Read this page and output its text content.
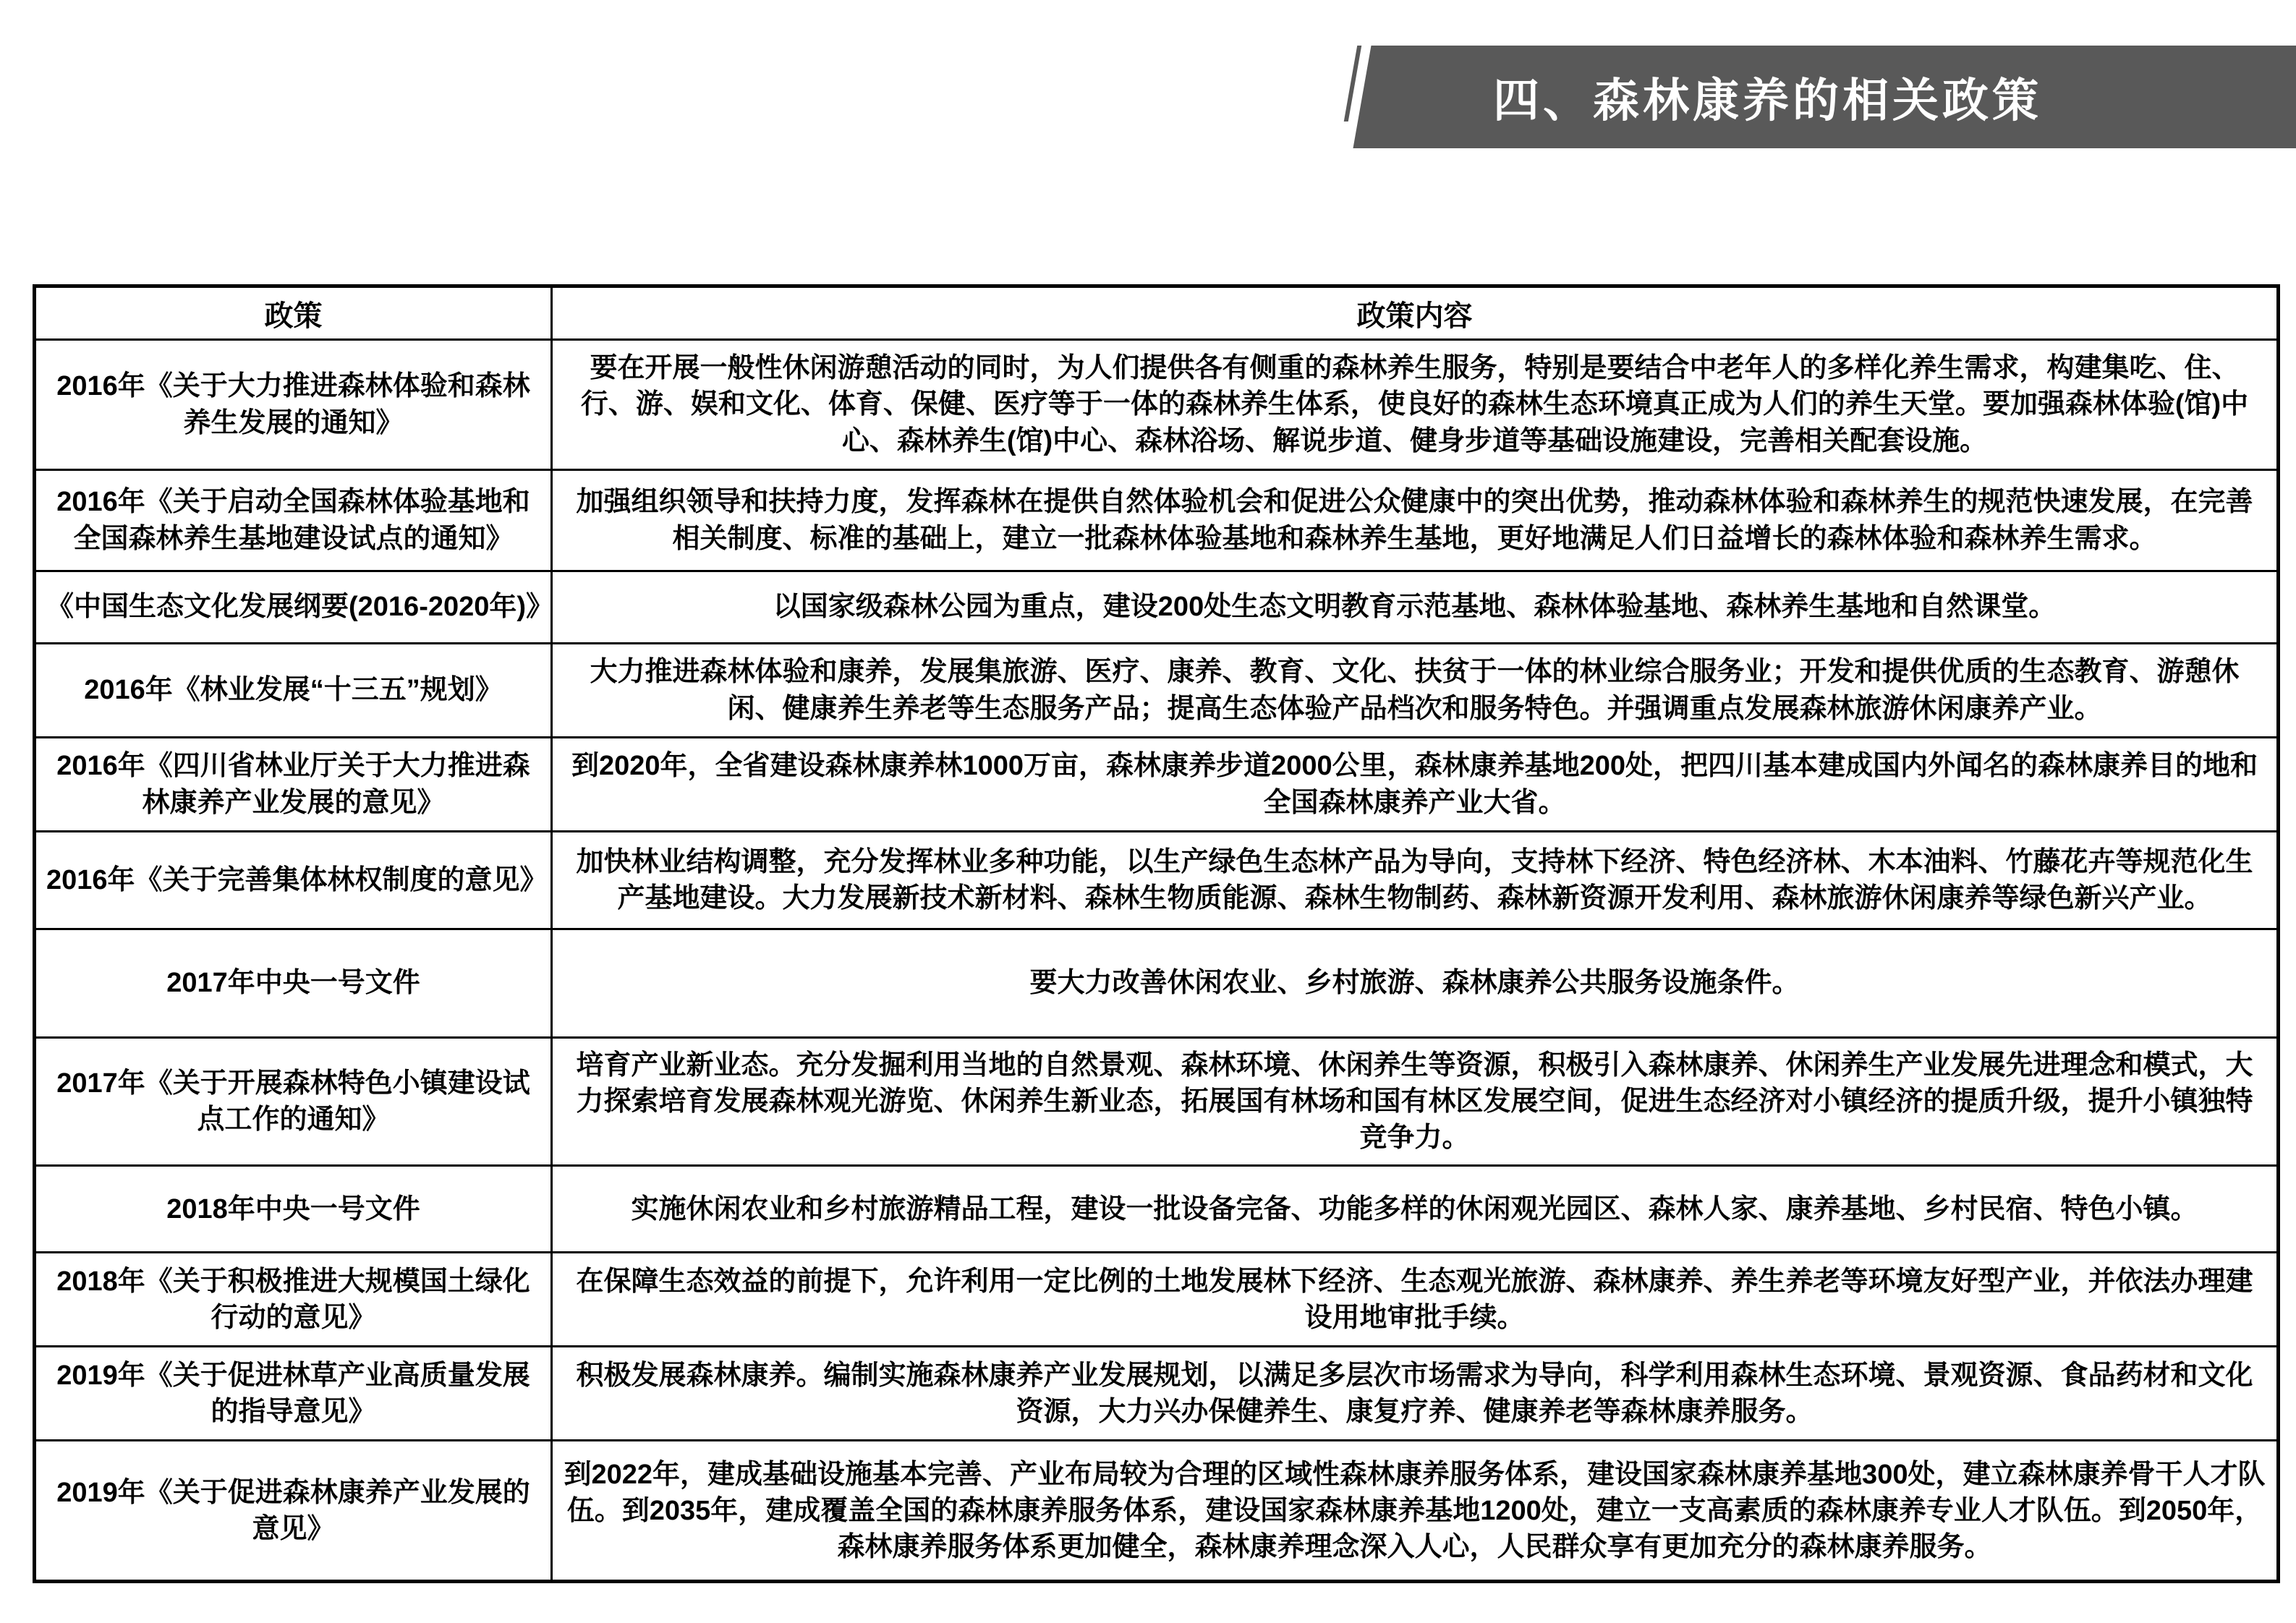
四、森林康养的相关政策
政策	政策内容
2016年《关于大力推进森林体验和森林养生发展的通知》	要在开展一般性休闲游憩活动的同时，为人们提供各有侧重的森林养生服务，特别是要结合中老年人的多样化养生需求，构建集吃、住、行、游、娱和文化、体育、保健、医疗等于一体的森林养生体系，使良好的森林生态环境真正成为人们的养生天堂。要加强森林体验(馆)中心、森林养生(馆)中心、森林浴场、解说步道、健身步道等基础设施建设，完善相关配套设施。
2016年《关于启动全国森林体验基地和全国森林养生基地建设试点的通知》	加强组织领导和扶持力度，发挥森林在提供自然体验机会和促进公众健康中的突出优势，推动森林体验和森林养生的规范快速发展，在完善相关制度、标准的基础上，建立一批森林体验基地和森林养生基地，更好地满足人们日益增长的森林体验和森林养生需求。
《中国生态文化发展纲要(2016-2020年)》	以国家级森林公园为重点，建设200处生态文明教育示范基地、森林体验基地、森林养生基地和自然课堂。
2016年《林业发展“十三五”规划》	大力推进森林体验和康养，发展集旅游、医疗、康养、教育、文化、扶贫于一体的林业综合服务业；开发和提供优质的生态教育、游憩休闲、健康养生养老等生态服务产品；提高生态体验产品档次和服务特色。并强调重点发展森林旅游休闲康养产业。
2016年《四川省林业厅关于大力推进森林康养产业发展的意见》	到2020年，全省建设森林康养林1000万亩，森林康养步道2000公里，森林康养基地200处，把四川基本建成国内外闻名的森林康养目的地和全国森林康养产业大省。
2016年《关于完善集体林权制度的意见》	加快林业结构调整，充分发挥林业多种功能，以生产绿色生态林产品为导向，支持林下经济、特色经济林、木本油料、竹藤花卉等规范化生产基地建设。大力发展新技术新材料、森林生物质能源、森林生物制药、森林新资源开发利用、森林旅游休闲康养等绿色新兴产业。
2017年中央一号文件	要大力改善休闲农业、乡村旅游、森林康养公共服务设施条件。
2017年《关于开展森林特色小镇建设试点工作的通知》	培育产业新业态。充分发掘利用当地的自然景观、森林环境、休闲养生等资源，积极引入森林康养、休闲养生产业发展先进理念和模式，大力探索培育发展森林观光游览、休闲养生新业态，拓展国有林场和国有林区发展空间，促进生态经济对小镇经济的提质升级，提升小镇独特竞争力。
2018年中央一号文件	实施休闲农业和乡村旅游精品工程，建设一批设备完备、功能多样的休闲观光园区、森林人家、康养基地、乡村民宿、特色小镇。
2018年《关于积极推进大规模国土绿化行动的意见》	在保障生态效益的前提下，允许利用一定比例的土地发展林下经济、生态观光旅游、森林康养、养生养老等环境友好型产业，并依法办理建设用地审批手续。
2019年《关于促进林草产业高质量发展的指导意见》	积极发展森林康养。编制实施森林康养产业发展规划，以满足多层次市场需求为导向，科学利用森林生态环境、景观资源、食品药材和文化资源，大力兴办保健养生、康复疗养、健康养老等森林康养服务。
2019年《关于促进森林康养产业发展的意见》	到2022年，建成基础设施基本完善、产业布局较为合理的区域性森林康养服务体系，建设国家森林康养基地300处，建立森林康养骨干人才队伍。到2035年，建成覆盖全国的森林康养服务体系，建设国家森林康养基地1200处，建立一支高素质的森林康养专业人才队伍。到2050年，森林康养服务体系更加健全，森林康养理念深入人心，人民群众享有更加充分的森林康养服务。
